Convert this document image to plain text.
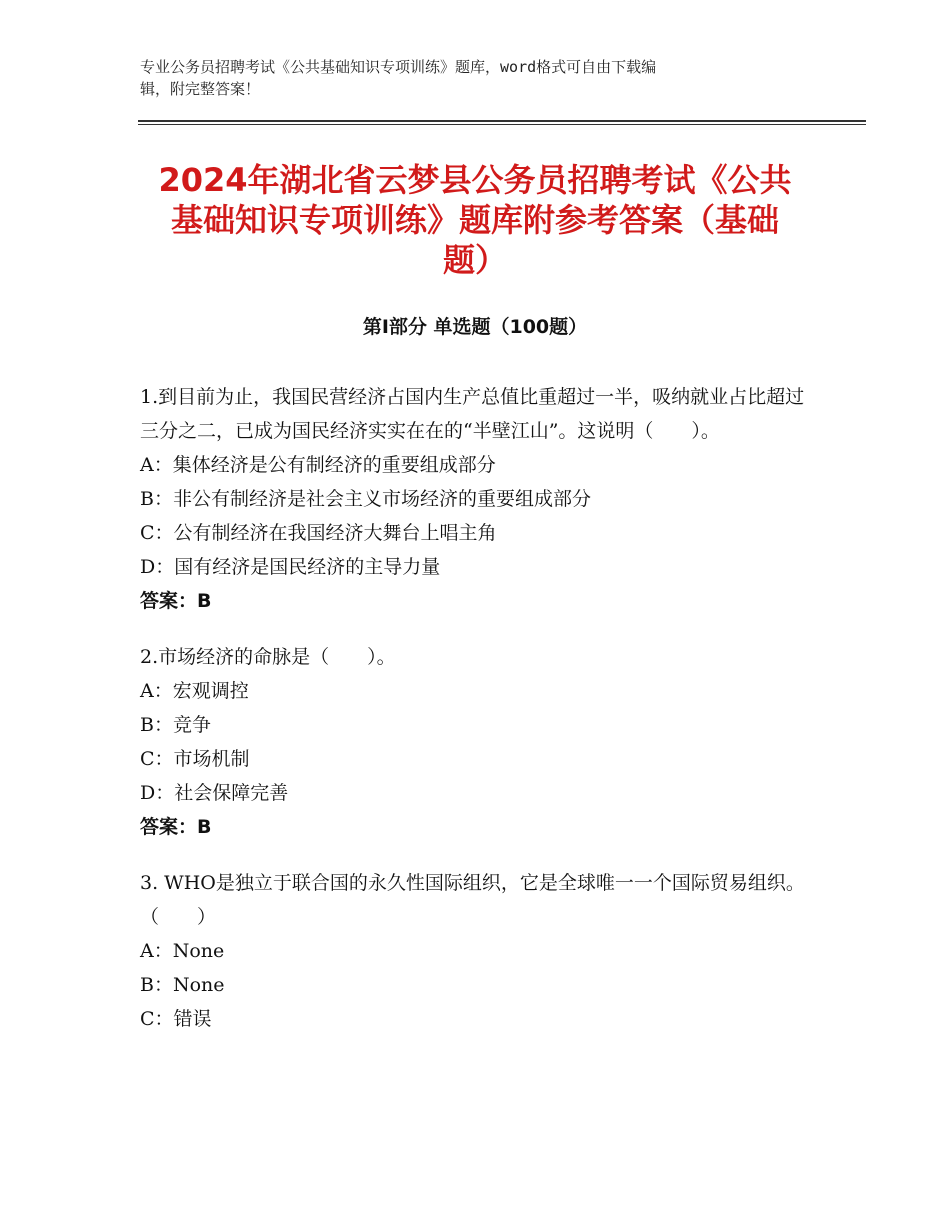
专业公务员招聘考试《公共基础知识专项训练》题库，word格式可自由下载编
辑，附完整答案！
2024年湖北省云梦县公务员招聘考试《公共
基础知识专项训练》题库附参考答案（基础
题）
第Ⅰ部分 单选题（100题）
1.到目前为止，我国民营经济占国内生产总值比重超过一半，吸纳就业占比超过三分之二，已成为国民经济实实在在的“半壁江山”。这说明（　　）。
A：集体经济是公有制经济的重要组成部分
B：非公有制经济是社会主义市场经济的重要组成部分
C：公有制经济在我国经济大舞台上唱主角
D：国有经济是国民经济的主导力量
答案：B
2.市场经济的命脉是（　　）。
A：宏观调控
B：竞争
C：市场机制
D：社会保障完善
答案：B
3. WHO是独立于联合国的永久性国际组织，它是全球唯一一个国际贸易组织。（　　）
A：None
B：None
C：错误
